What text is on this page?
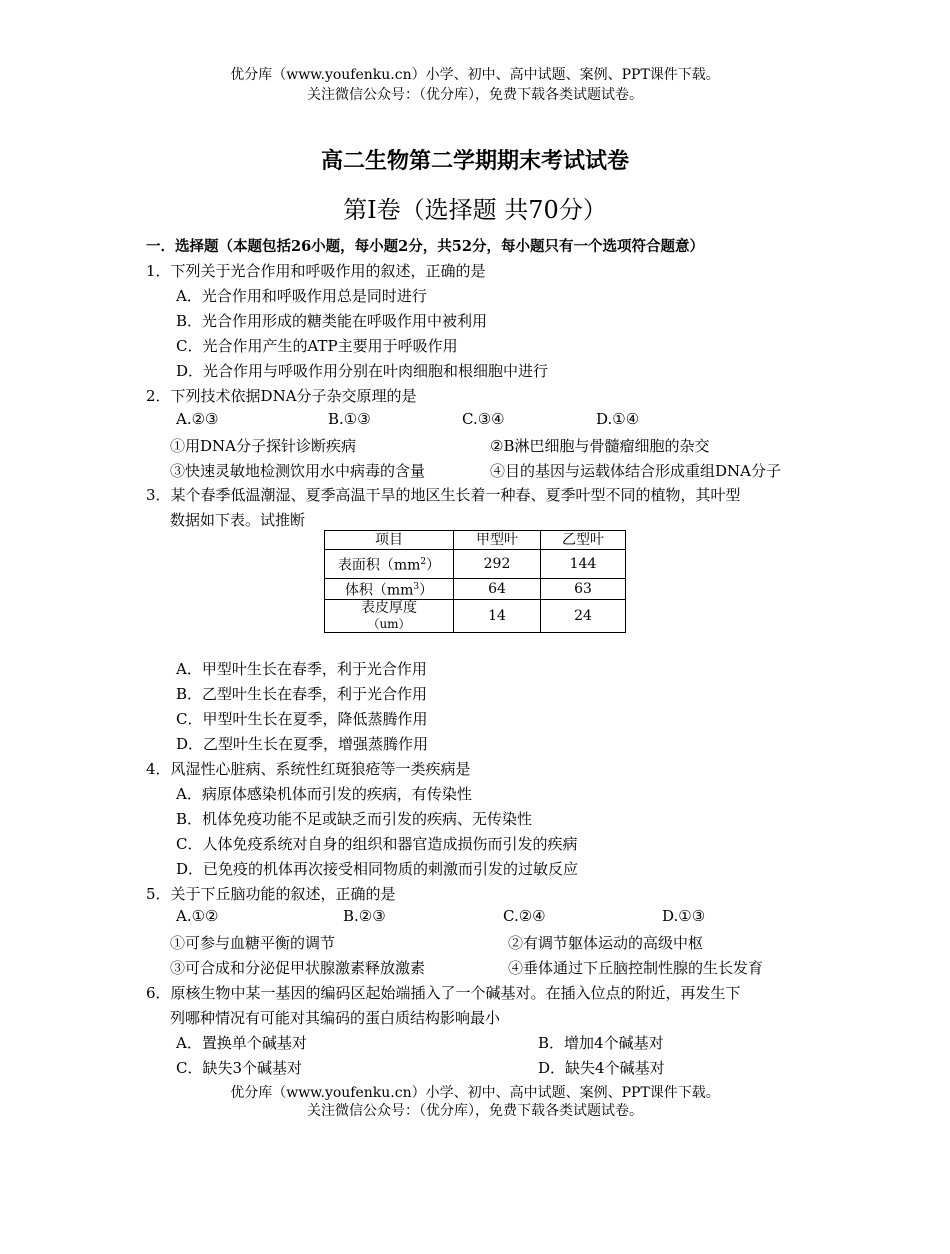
优分库（www.youfenku.cn）小学、初中、高中试题、案例、PPT课件下载。
关注微信公众号：（优分库），免费下载各类试题试卷。
高二生物第二学期期末考试试卷
第Ⅰ卷（选择题 共70分）
一．选择题（本题包括26小题，每小题2分，共52分，每小题只有一个选项符合题意）
1．下列关于光合作用和呼吸作用的叙述，正确的是
A．光合作用和呼吸作用总是同时进行
B．光合作用形成的糖类能在呼吸作用中被利用
C．光合作用产生的ATP主要用于呼吸作用
D．光合作用与呼吸作用分别在叶肉细胞和根细胞中进行
2．下列技术依据DNA分子杂交原理的是
A.②③	B.①③	C.③④	D.①④
①用DNA分子探针诊断疾病	②B淋巴细胞与骨髓瘤细胞的杂交
③快速灵敏地检测饮用水中病毒的含量	④目的基因与运载体结合形成重组DNA分子
3．某个春季低温潮湿、夏季高温干旱的地区生长着一种春、夏季叶型不同的植物，其叶型
数据如下表。试推断
项目	甲型叶	乙型叶
表面积$(mm^2)$	292	144
体积$(mm^3)$	64	63
表皮厚度
（um）	14	24
A．甲型叶生长在春季，利于光合作用
B．乙型叶生长在春季，利于光合作用
C．甲型叶生长在夏季，降低蒸腾作用
D．乙型叶生长在夏季，增强蒸腾作用
4．风湿性心脏病、系统性红斑狼疮等一类疾病是
A．病原体感染机体而引发的疾病，有传染性
B．机体免疫功能不足或缺乏而引发的疾病、无传染性
C．人体免疫系统对自身的组织和器官造成损伤而引发的疾病
D．已免疫的机体再次接受相同物质的刺激而引发的过敏反应
5．关于下丘脑功能的叙述，正确的是
A.①②	B.②③	C.②④	D.①③
①可参与血糖平衡的调节	②有调节躯体运动的高级中枢
③可合成和分泌促甲状腺激素释放激素	④垂体通过下丘脑控制性腺的生长发育
6．原核生物中某一基因的编码区起始端插入了一个碱基对。在插入位点的附近，再发生下
列哪种情况有可能对其编码的蛋白质结构影响最小
A．置换单个碱基对	B．增加4个碱基对
C．缺失3个碱基对	D．缺失4个碱基对
优分库（www.youfenku.cn）小学、初中、高中试题、案例、PPT课件下载。
关注微信公众号：（优分库），免费下载各类试题试卷。
